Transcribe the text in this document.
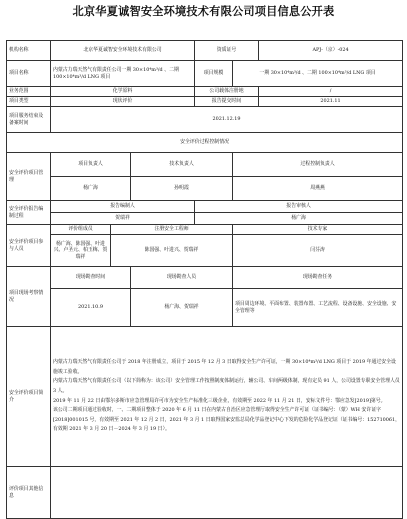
北京华夏诚智安全环境技术有限公司项目信息公开表
机构名称	北京华夏诚智安全环境技术有限公司			资质证号		APJ-（京）-024
项目名称	内蒙古力瑞天然气有限责任公司一期 30×10⁴m³/d 、二期 100×10⁴m³/d LNG 项目			项目规模	一期 30×10⁴m³/d 、二期 100×10⁴m³/d LNG 项目	
业务范围	化学原料			公司载体注册地		/
项目类型	现状评价			报告提交时间		2021.11
项目服务结束及备案时间	2021.12.19					
安全评价过程控制情况						
安全评价项目管理	项目负责人		技术负责人		过程控制负责人	
	杨广海		孙明霞		周燕燕	
安全评价报告编制过程	报告编制人			报告审核人		
	贺瑞祥			杨广海		
安全评价项目参与人员	评价组成员	注册安全工程师			技术专家	
	杨广海、陈国强、叶进兴、卢圣元、柏玉梅、贺瑞祥	陈国强、叶进兴、贺瑞祥			闫芬涛	
项目现场考察情况	现场勘查时间		现场勘查人员		现场勘查任务	
	2021.10.9		杨广海、贺瑞祥		项目周边环境、平面布置、装置布置、工艺流程、设备设施、安全设施、安全管理等	
安全评价项目简介	内蒙古力瑞天然气有限责任公司于 2018 年注册成立，项目于 2015 年 12 月 3 日取得安全生产许可证，一期 30×10⁴m³/d LNG 项目于 2019 年通过安全设施竣工验收。

内蒙古力瑞天然气有限责任公司（以下简称为：该公司）安全管理工作按照制度体制运行，辅公司、车间两级体制，现有定员 91 人，公司设置专职安全管理人员 3 人。

2019 年 11 月 22 日由鄂尔多斯市应急管理局许可市为安全生产标准化三级企业，有效期至 2022 年 11 月 21 日，安标文件号：鄂应急发[2019]第号。

该公司二期项目通过验收时，一、二期项目整体于 2020 年 6 月 11 日在内蒙古自治区应急管理厅取得安全生产许可证（证书编号：（蒙）WH 安许证字[2018]001015 号，有效期至 2021 年 12 月 2 日，2021 年 3 月 1 日取得国家安监总局化学品登记中心下发的危险化学品登记证（证书编号：152710061，有效期 2021 年 3 月 20 日－2024 年 3 月 19 日）。					

评价项目其他信息						
